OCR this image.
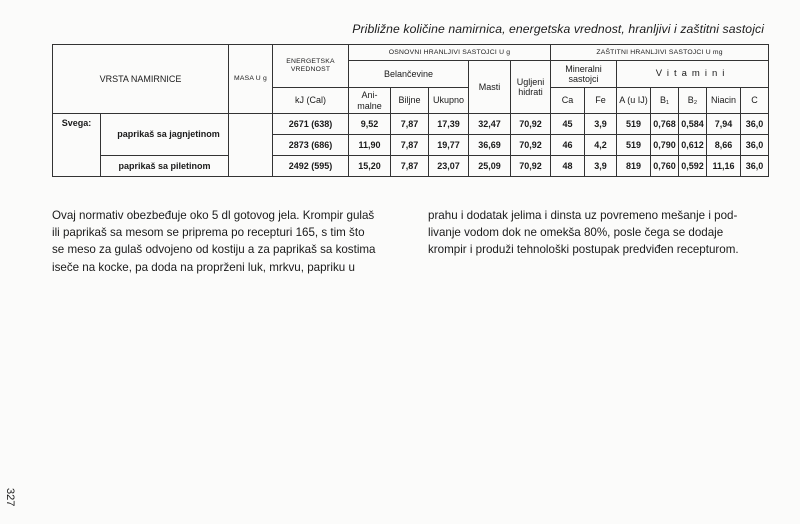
Približne količine namirnica, energetska vrednost, hranljivi i zaštitni sastojci
VRSTA NAMIRNICE		MASA U g	ENERGETSKA VREDNOST	OSNOVNI HRANLJIVI SASTOJCI U g					ZAŠTITNI HRANLJIVI SASTOJCI U mg						
				Belančevine			Masti	Ugljeni hidrati	Mineralni sastojci		Vitamini				
			kJ (Cal)	Ani- malne	Biljne	Ukupno			Ca	Fe	A (u IJ)	B₁	B₂	Niacin	C
Svega:	paprikaš sa jagnjetinom		2671 (638)	9,52	7,87	17,39	32,47	70,92	45	3,9	519	0,768	0,584	7,94	36,0
			2873 (686)	11,90	7,87	19,77	36,69	70,92	46	4,2	519	0,790	0,612	8,66	36,0
	paprikaš sa piletinom		2492 (595)	15,20	7,87	23,07	25,09	70,92	48	3,9	819	0,760	0,592	11,16	36,0

Ovaj normativ obezbeđuje oko 5 dl gotovog jela. Krompir gulaš

ili paprikaš sa mesom se priprema po recepturi 165, s tim što

se meso za gulaš odvojeno od kostiju a za paprikaš sa kostima

iseče na kocke, pa doda na proprženi luk, mrkvu, papriku u

prahu i dodatak jelima i dinsta uz povremeno mešanje i pod-

livanje vodom dok ne omekša 80%, posle čega se dodaje

krompir i produži tehnološki postupak predviđen recepturom.

327
